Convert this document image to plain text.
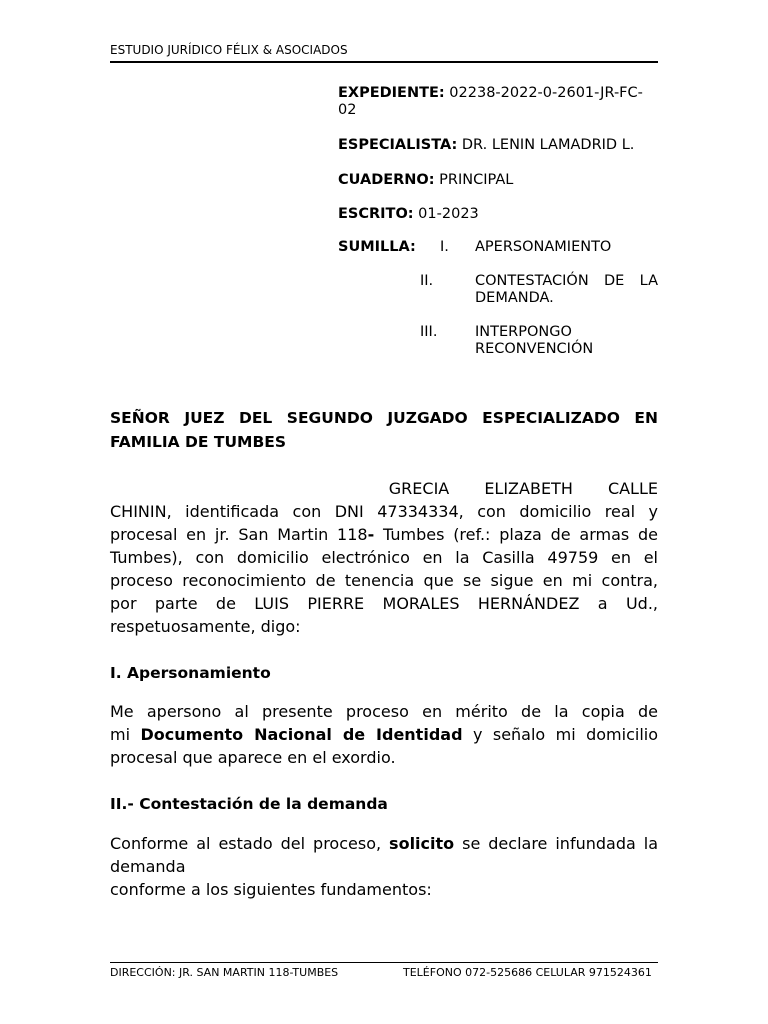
ESTUDIO JURÍDICO FÉLIX & ASOCIADOS
EXPEDIENTE: 02238-2022-0-2601-JR-FC-02
ESPECIALISTA: DR. LENIN LAMADRID L.
CUADERNO: PRINCIPAL
ESCRITO: 01-2023
SUMILLA:	I. APERSONAMIENTO
II.	CONTESTACIÓN DE LA DEMANDA.
III.	INTERPONGO RECONVENCIÓN
SEÑOR JUEZ DEL SEGUNDO JUZGADO ESPECIALIZADO EN FAMILIA DE TUMBES
GRECIA ELIZABETH CALLE
CHININ, identificada con DNI 47334334, con domicilio real y
procesal en jr. San Martin 118- Tumbes (ref.: plaza de armas de
Tumbes), con domicilio electrónico en la Casilla 49759 en el
proceso reconocimiento de tenencia que se sigue en mi contra,
por parte de LUIS PIERRE MORALES HERNÁNDEZ a Ud.,
respetuosamente, digo:
I. Apersonamiento
Me apersono al presente proceso en mérito de la copia de
mi Documento Nacional de Identidad y señalo mi domicilio
procesal que aparece en el exordio.
II.- Contestación de la demanda
Conforme al estado del proceso, solicito se declare infundada la
demanda
conforme a los siguientes fundamentos:
DIRECCIÓN: JR. SAN MARTIN 118-TUMBES	TELÉFONO 072-525686 CELULAR 971524361
